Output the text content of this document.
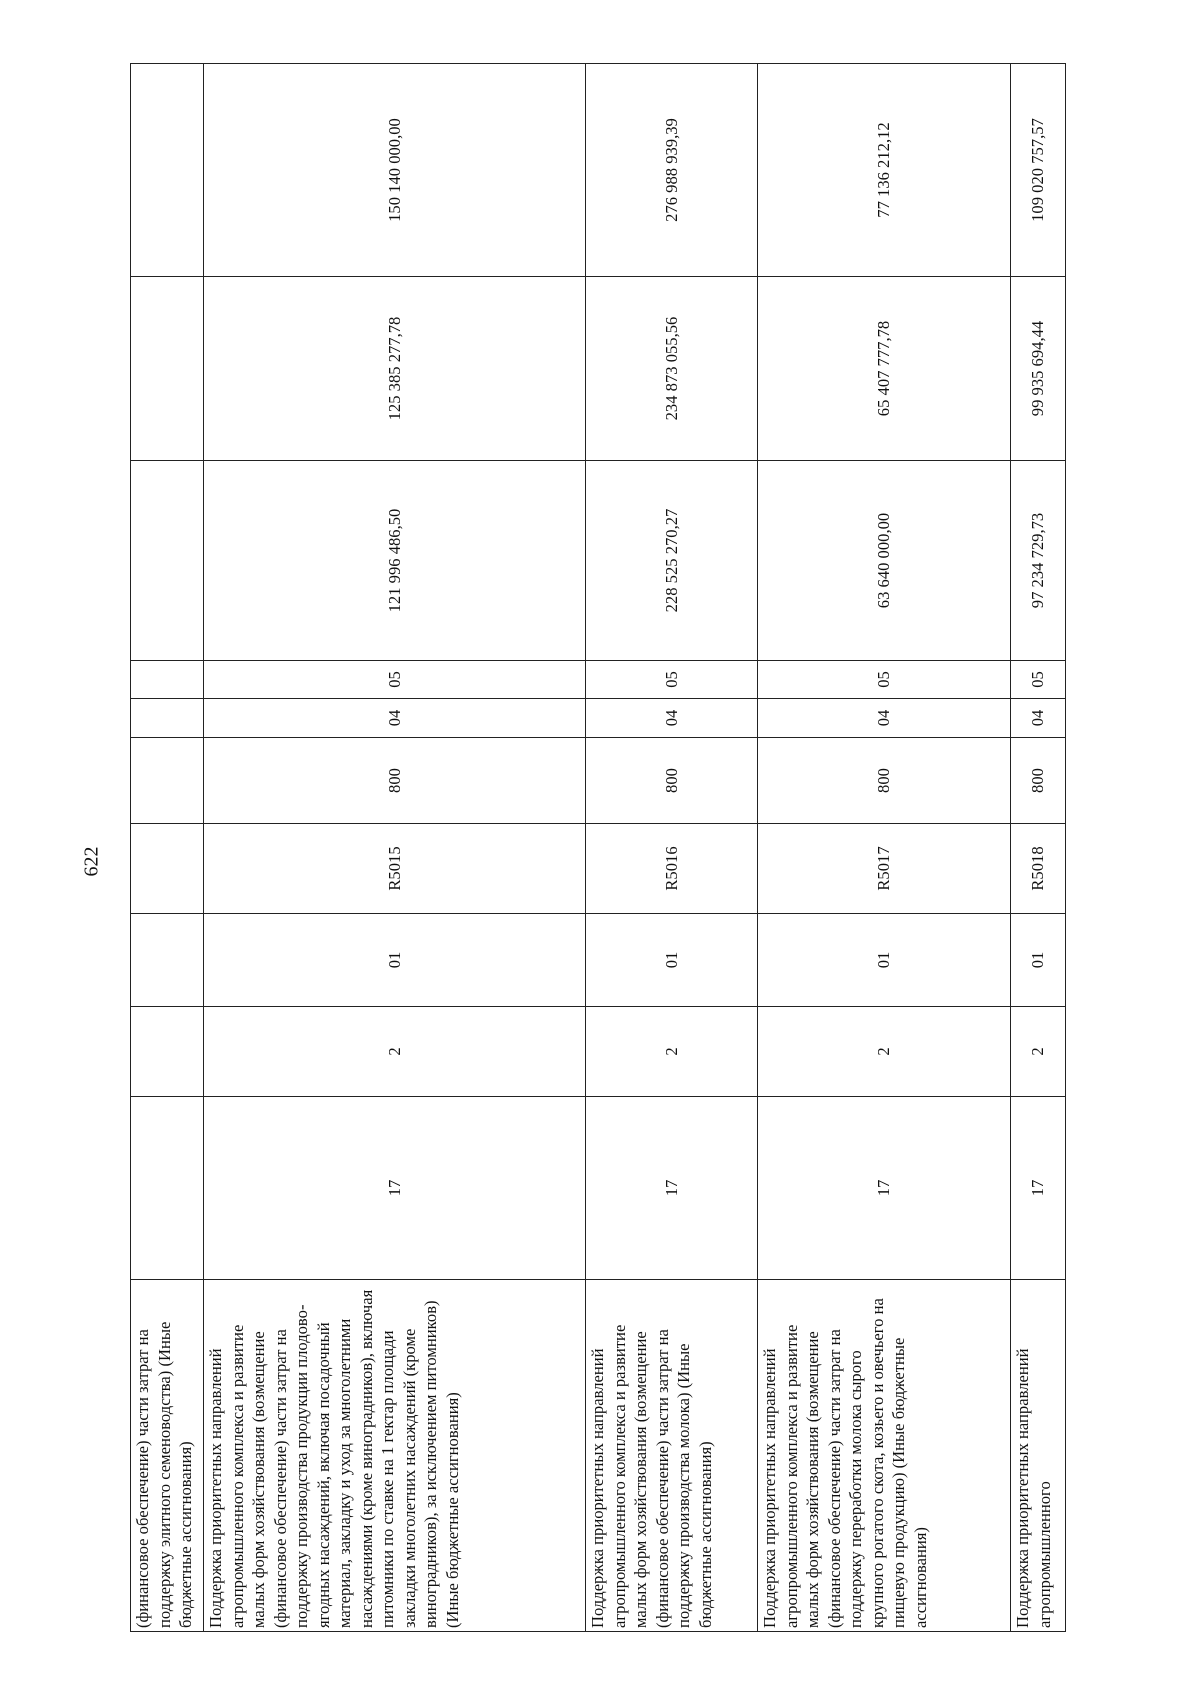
622
(финансовое обеспечение) части затрат на поддержку элитного семеноводства) (Иные бюджетные ассигнования)										
Поддержка приоритетных направлений агропромышленного комплекса и развитие малых форм хозяйствования (возмещение (финансовое обеспечение) части затрат на поддержку производства продукции плодово-ягодных насаждений, включая посадочный материал, закладку и уход за многолетними насаждениями (кроме виноградников), включая питомники по ставке на 1 гектар площади закладки многолетних насаждений (кроме виноградников), за исключением питомников) (Иные бюджетные ассигнования)	17	2	01	R5015	800	04	05	121 996 486,50	125 385 277,78	150 140 000,00
Поддержка приоритетных направлений агропромышленного комплекса и развитие малых форм хозяйствования (возмещение (финансовое обеспечение) части затрат на поддержку производства молока) (Иные бюджетные ассигнования)	17	2	01	R5016	800	04	05	228 525 270,27	234 873 055,56	276 988 939,39
Поддержка приоритетных направлений агропромышленного комплекса и развитие малых форм хозяйствования (возмещение (финансовое обеспечение) части затрат на поддержку переработки молока сырого крупного рогатого скота, козьего и овечьего на пищевую продукцию) (Иные бюджетные ассигнования)	17	2	01	R5017	800	04	05	63 640 000,00	65 407 777,78	77 136 212,12
Поддержка приоритетных направлений агропромышленного	17	2	01	R5018	800	04	05	97 234 729,73	99 935 694,44	109 020 757,57
